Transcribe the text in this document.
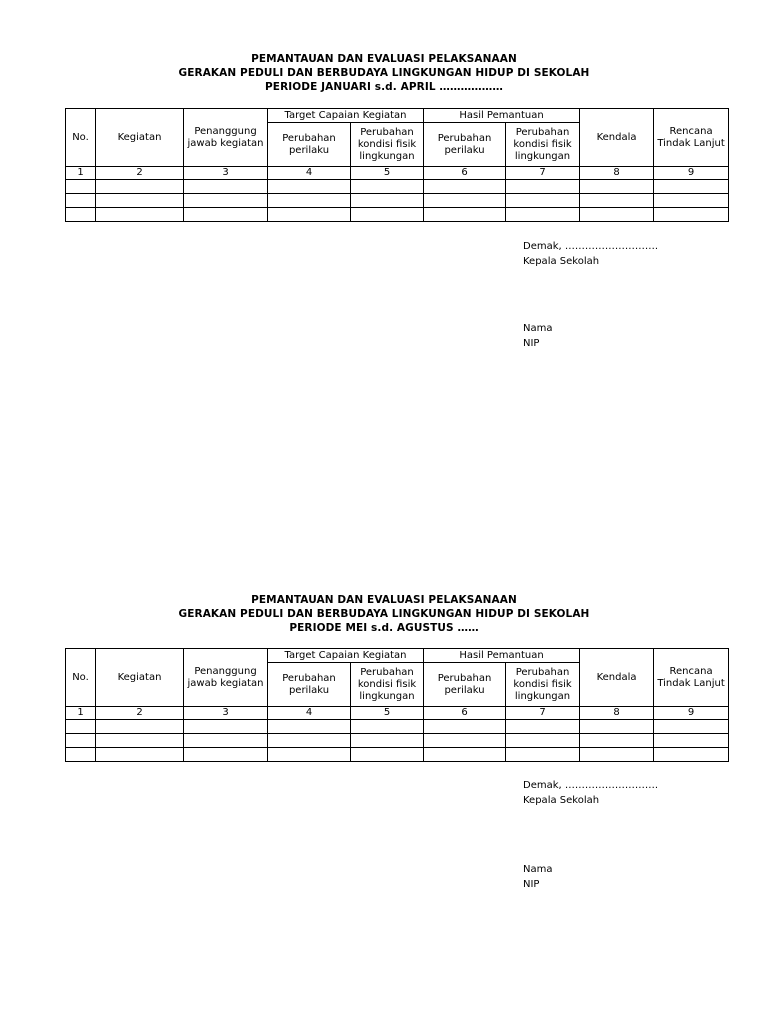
PEMANTAUAN DAN EVALUASI PELAKSANAAN
GERAKAN PEDULI DAN BERBUDAYA LINGKUNGAN HIDUP DI SEKOLAH
PERIODE JANUARI s.d. APRIL ………………
No.	Kegiatan	Penanggung jawab kegiatan	Target Capaian Kegiatan		Hasil Pemantuan		Kendala	Rencana Tindak Lanjut
			Perubahan perilaku	Perubahan kondisi fisik lingkungan	Perubahan perilaku	Perubahan kondisi fisik lingkungan		
1	2	3	4	5	6	7	8	9

Demak, ……………………….
Kepala Sekolah
Nama
NIP
PEMANTAUAN DAN EVALUASI PELAKSANAAN
GERAKAN PEDULI DAN BERBUDAYA LINGKUNGAN HIDUP DI SEKOLAH
PERIODE MEI s.d. AGUSTUS ……
No.	Kegiatan	Penanggung jawab kegiatan	Target Capaian Kegiatan		Hasil Pemantuan		Kendala	Rencana Tindak Lanjut
			Perubahan perilaku	Perubahan kondisi fisik lingkungan	Perubahan perilaku	Perubahan kondisi fisik lingkungan		
1	2	3	4	5	6	7	8	9

Demak, ……………………….
Kepala Sekolah
Nama
NIP
